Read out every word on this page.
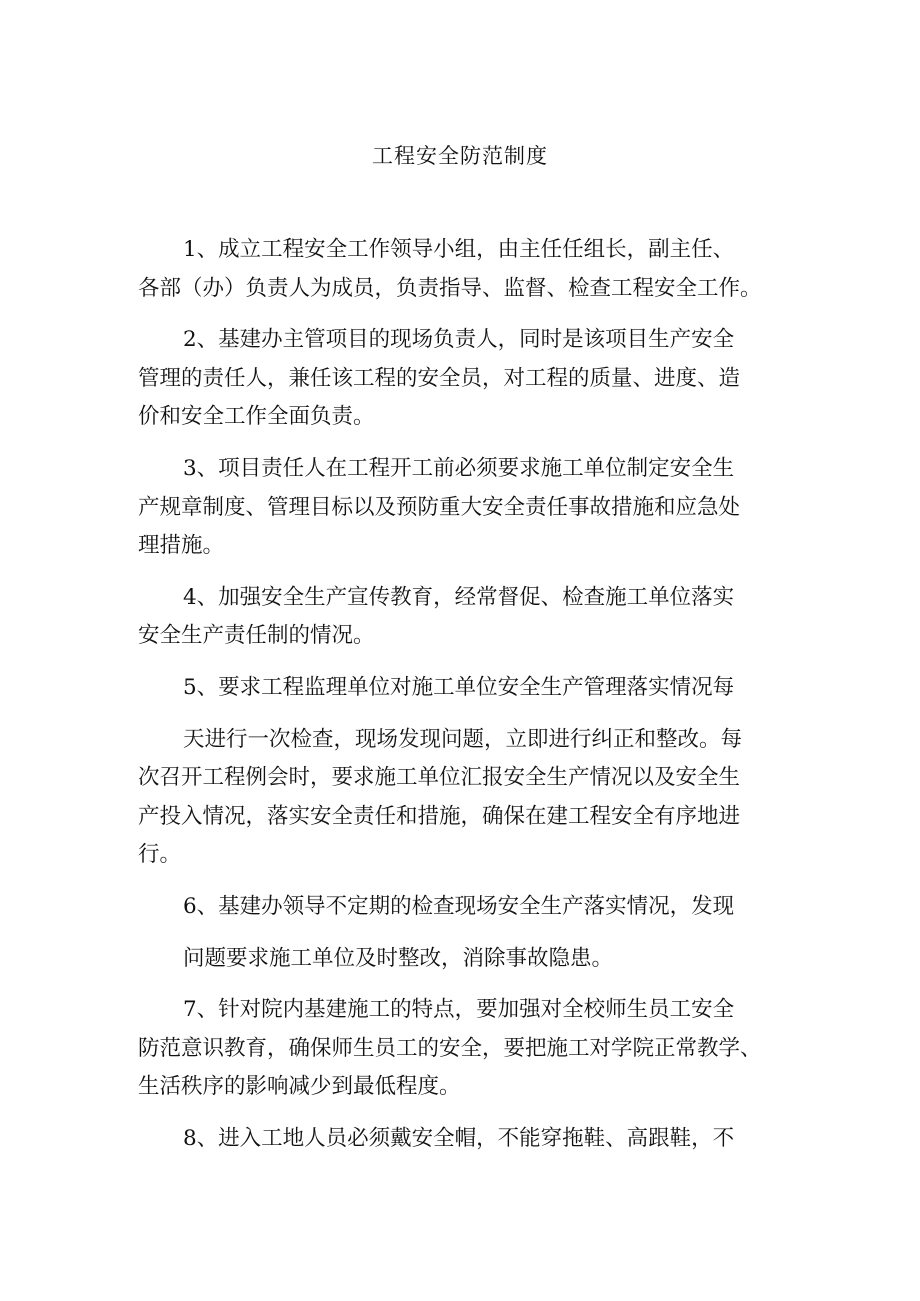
工程安全防范制度
1、成立工程安全工作领导小组，由主任任组长，副主任、
各部（办）负责人为成员，负责指导、监督、检查工程安全工作。
2、基建办主管项目的现场负责人，同时是该项目生产安全
管理的责任人，兼任该工程的安全员，对工程的质量、进度、造
价和安全工作全面负责。
3、项目责任人在工程开工前必须要求施工单位制定安全生
产规章制度、管理目标以及预防重大安全责任事故措施和应急处
理措施。
4、加强安全生产宣传教育，经常督促、检查施工单位落实
安全生产责任制的情况。
5、要求工程监理单位对施工单位安全生产管理落实情况每
天进行一次检查，现场发现问题，立即进行纠正和整改。每
次召开工程例会时，要求施工单位汇报安全生产情况以及安全生
产投入情况，落实安全责任和措施，确保在建工程安全有序地进
行。
6、基建办领导不定期的检查现场安全生产落实情况，发现
问题要求施工单位及时整改，消除事故隐患。
7、针对院内基建施工的特点，要加强对全校师生员工安全
防范意识教育，确保师生员工的安全，要把施工对学院正常教学、
生活秩序的影响减少到最低程度。
8、进入工地人员必须戴安全帽，不能穿拖鞋、高跟鞋，不
